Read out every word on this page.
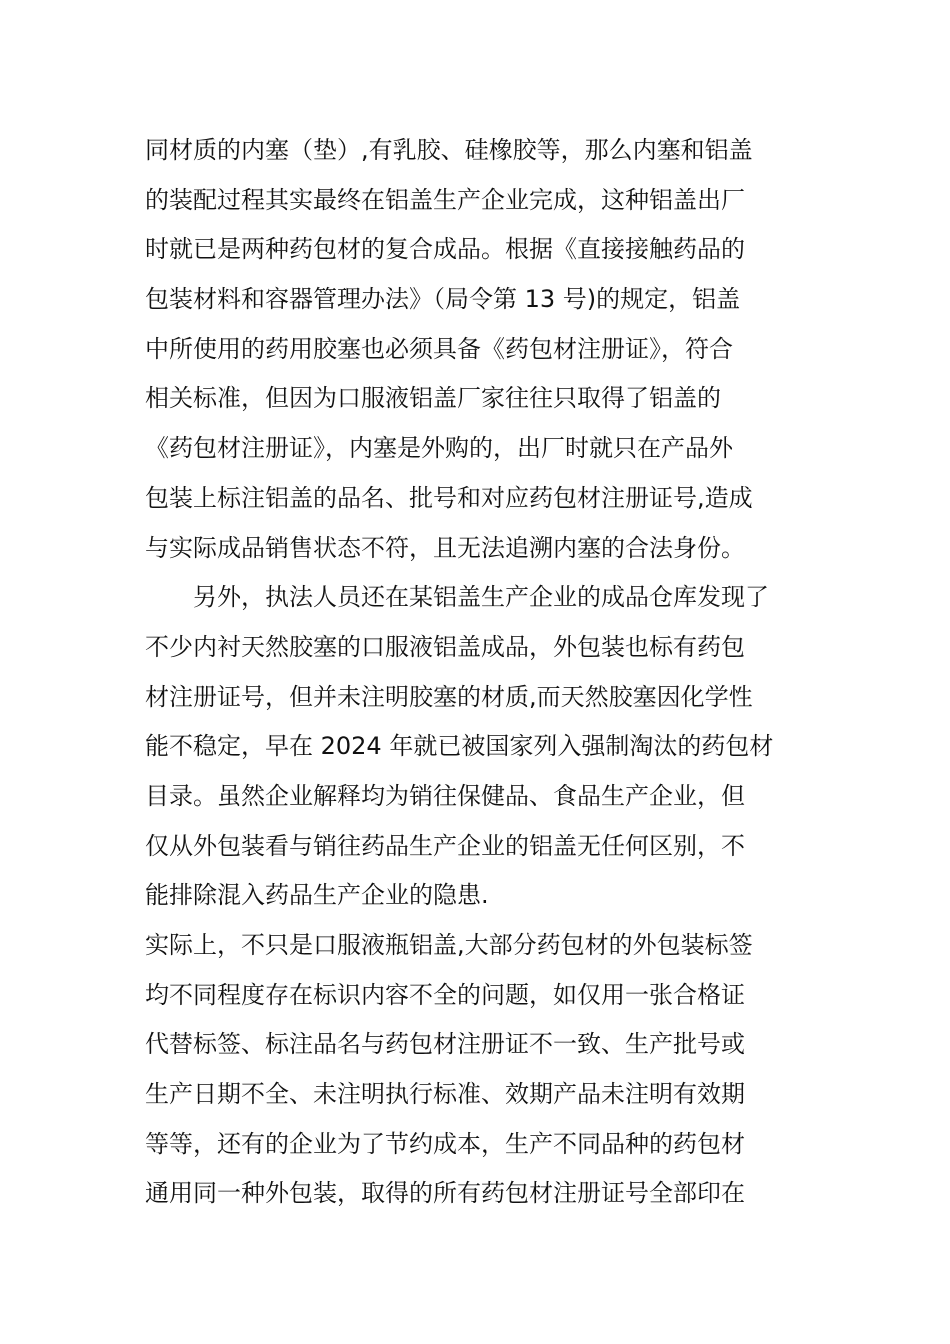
同材质的内塞（垫）,有乳胶、硅橡胶等，那么内塞和铝盖
的装配过程其实最终在铝盖生产企业完成，这种铝盖出厂
时就已是两种药包材的复合成品。根据《直接接触药品的
包装材料和容器管理办法》（局令第 13 号)的规定，铝盖
中所使用的药用胶塞也必须具备《药包材注册证》，符合
相关标准，但因为口服液铝盖厂家往往只取得了铝盖的
《药包材注册证》，内塞是外购的，出厂时就只在产品外
包装上标注铝盖的品名、批号和对应药包材注册证号,造成
与实际成品销售状态不符，且无法追溯内塞的合法身份。
　　另外，执法人员还在某铝盖生产企业的成品仓库发现了
不少内衬天然胶塞的口服液铝盖成品，外包装也标有药包
材注册证号，但并未注明胶塞的材质,而天然胶塞因化学性
能不稳定，早在 2024 年就已被国家列入强制淘汰的药包材
目录。虽然企业解释均为销往保健品、食品生产企业，但
仅从外包装看与销往药品生产企业的铝盖无任何区别，不
能排除混入药品生产企业的隐患.
实际上，不只是口服液瓶铝盖,大部分药包材的外包装标签
均不同程度存在标识内容不全的问题，如仅用一张合格证
代替标签、标注品名与药包材注册证不一致、生产批号或
生产日期不全、未注明执行标准、效期产品未注明有效期
等等，还有的企业为了节约成本，生产不同品种的药包材
通用同一种外包装，取得的所有药包材注册证号全部印在
